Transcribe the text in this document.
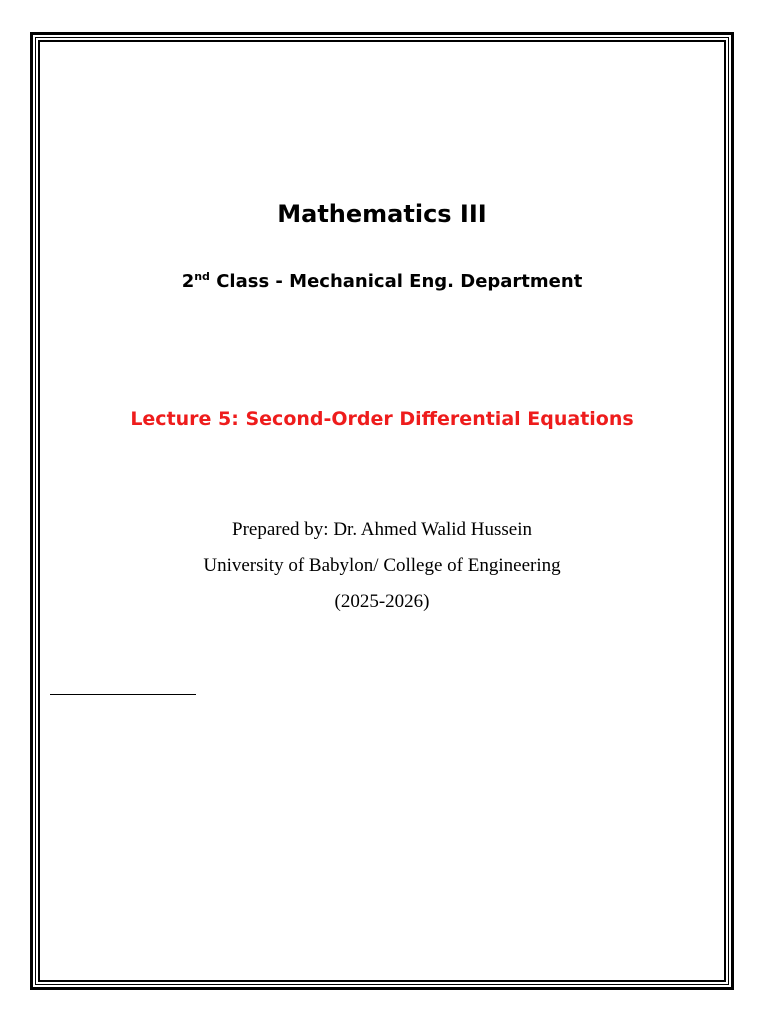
Mathematics III
2nd Class - Mechanical Eng. Department
Lecture 5: Second-Order Differential Equations
Prepared by: Dr. Ahmed Walid Hussein
University of Babylon/ College of Engineering
(2025-2026)
